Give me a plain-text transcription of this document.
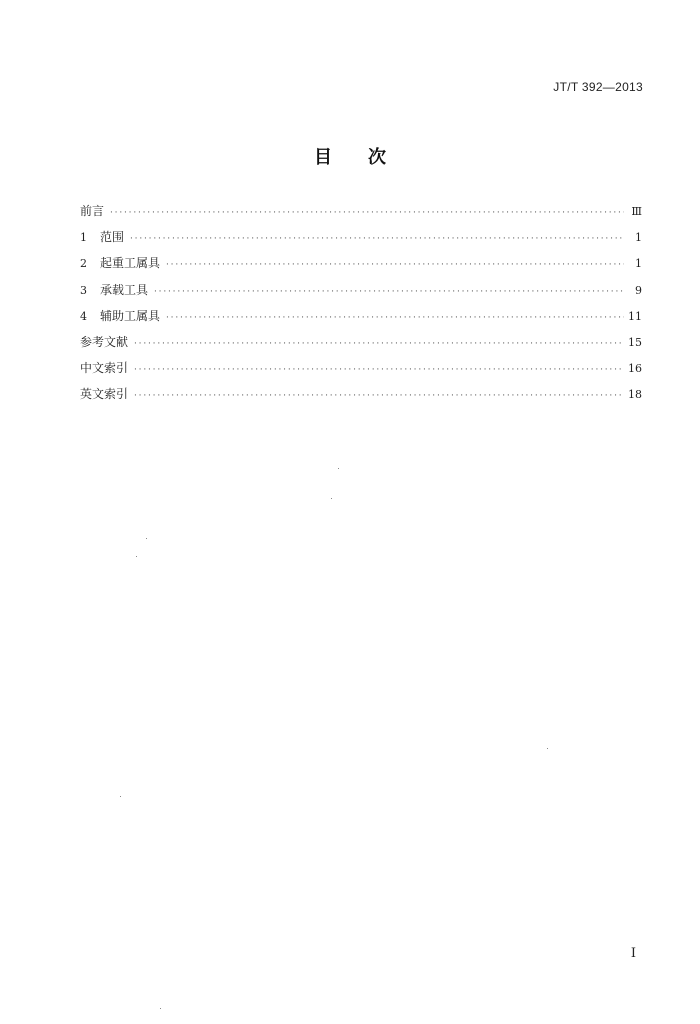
JT/T 392—2013
目次
前言 ·····	Ⅲ
1	范围 ·····	1
2	起重工属具 ·····	1
3	承载工具 ·····	9
4	辅助工属具 ·····	11
参考文献 ·····	15
中文索引 ·····	16
英文索引 ·····	18
I
